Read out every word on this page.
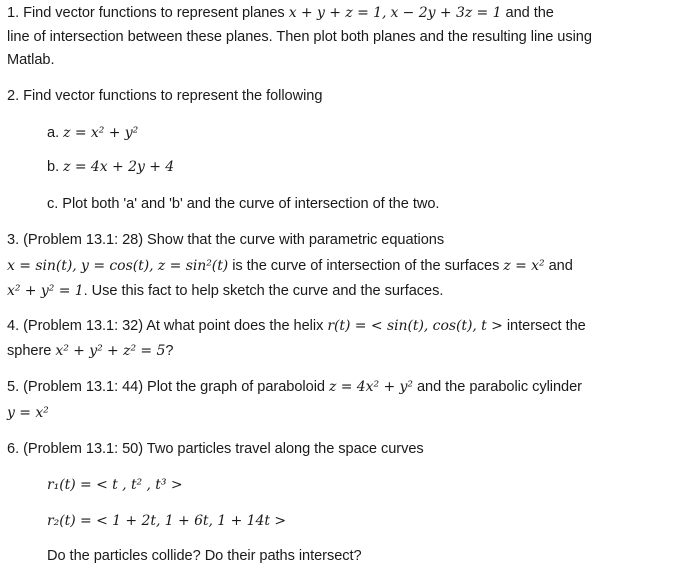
1. Find vector functions to represent planes x + y + z = 1, x − 2y + 3z = 1 and the
line of intersection between these planes. Then plot both planes and the resulting line using
Matlab.
2. Find vector functions to represent the following
a. z = x² + y²
b. z = 4x + 2y + 4
c. Plot both 'a' and 'b' and the curve of intersection of the two.
3. (Problem 13.1: 28) Show that the curve with parametric equations
x = sin(t), y = cos(t), z = sin²(t) is the curve of intersection of the surfaces z = x² and
x² + y² = 1. Use this fact to help sketch the curve and the surfaces.
4. (Problem 13.1: 32) At what point does the helix r(t) = < sin(t), cos(t), t > intersect the
sphere x² + y² + z² = 5?
5. (Problem 13.1: 44) Plot the graph of paraboloid z = 4x² + y² and the parabolic cylinder
y = x²
6. (Problem 13.1: 50) Two particles travel along the space curves
r₁(t) = < t , t² , t³ >
r₂(t) = < 1 + 2t, 1 + 6t, 1 + 14t >
Do the particles collide? Do their paths intersect?
